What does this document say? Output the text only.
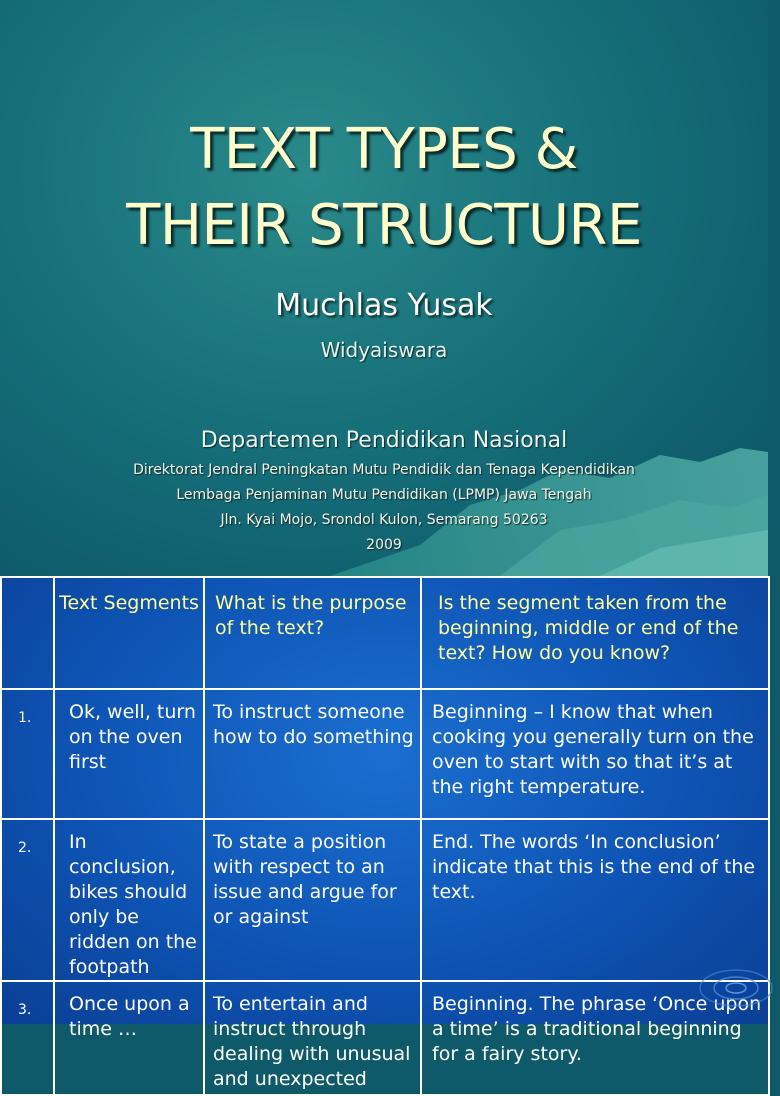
TEXT TYPES &
THEIR STRUCTURE
Muchlas Yusak
Widyaiswara
Departemen Pendidikan Nasional
Direktorat Jendral Peningkatan Mutu Pendidik dan Tenaga Kependidikan
Lembaga Penjaminan Mutu Pendidikan (LPMP) Jawa Tengah
Jln. Kyai Mojo, Srondol Kulon, Semarang 50263
2009
	Text Segments	What is the purpose of the text?	Is the segment taken from the beginning, middle or end of the text? How do you know?
1.	Ok, well, turn on the oven first	To instruct someone how to do something	Beginning – I know that when cooking you generally turn on the oven to start with so that it’s at the right temperature.
2.	In conclusion, bikes should only be ridden on the footpath	To state a position with respect to an issue and argue for or against	End. The words ‘In conclusion’ indicate that this is the end of the text.
3.	Once upon a time …	To entertain and instruct through dealing with unusual and unexpected	Beginning. The phrase ‘Once upon a time’ is a traditional beginning for a fairy story.
